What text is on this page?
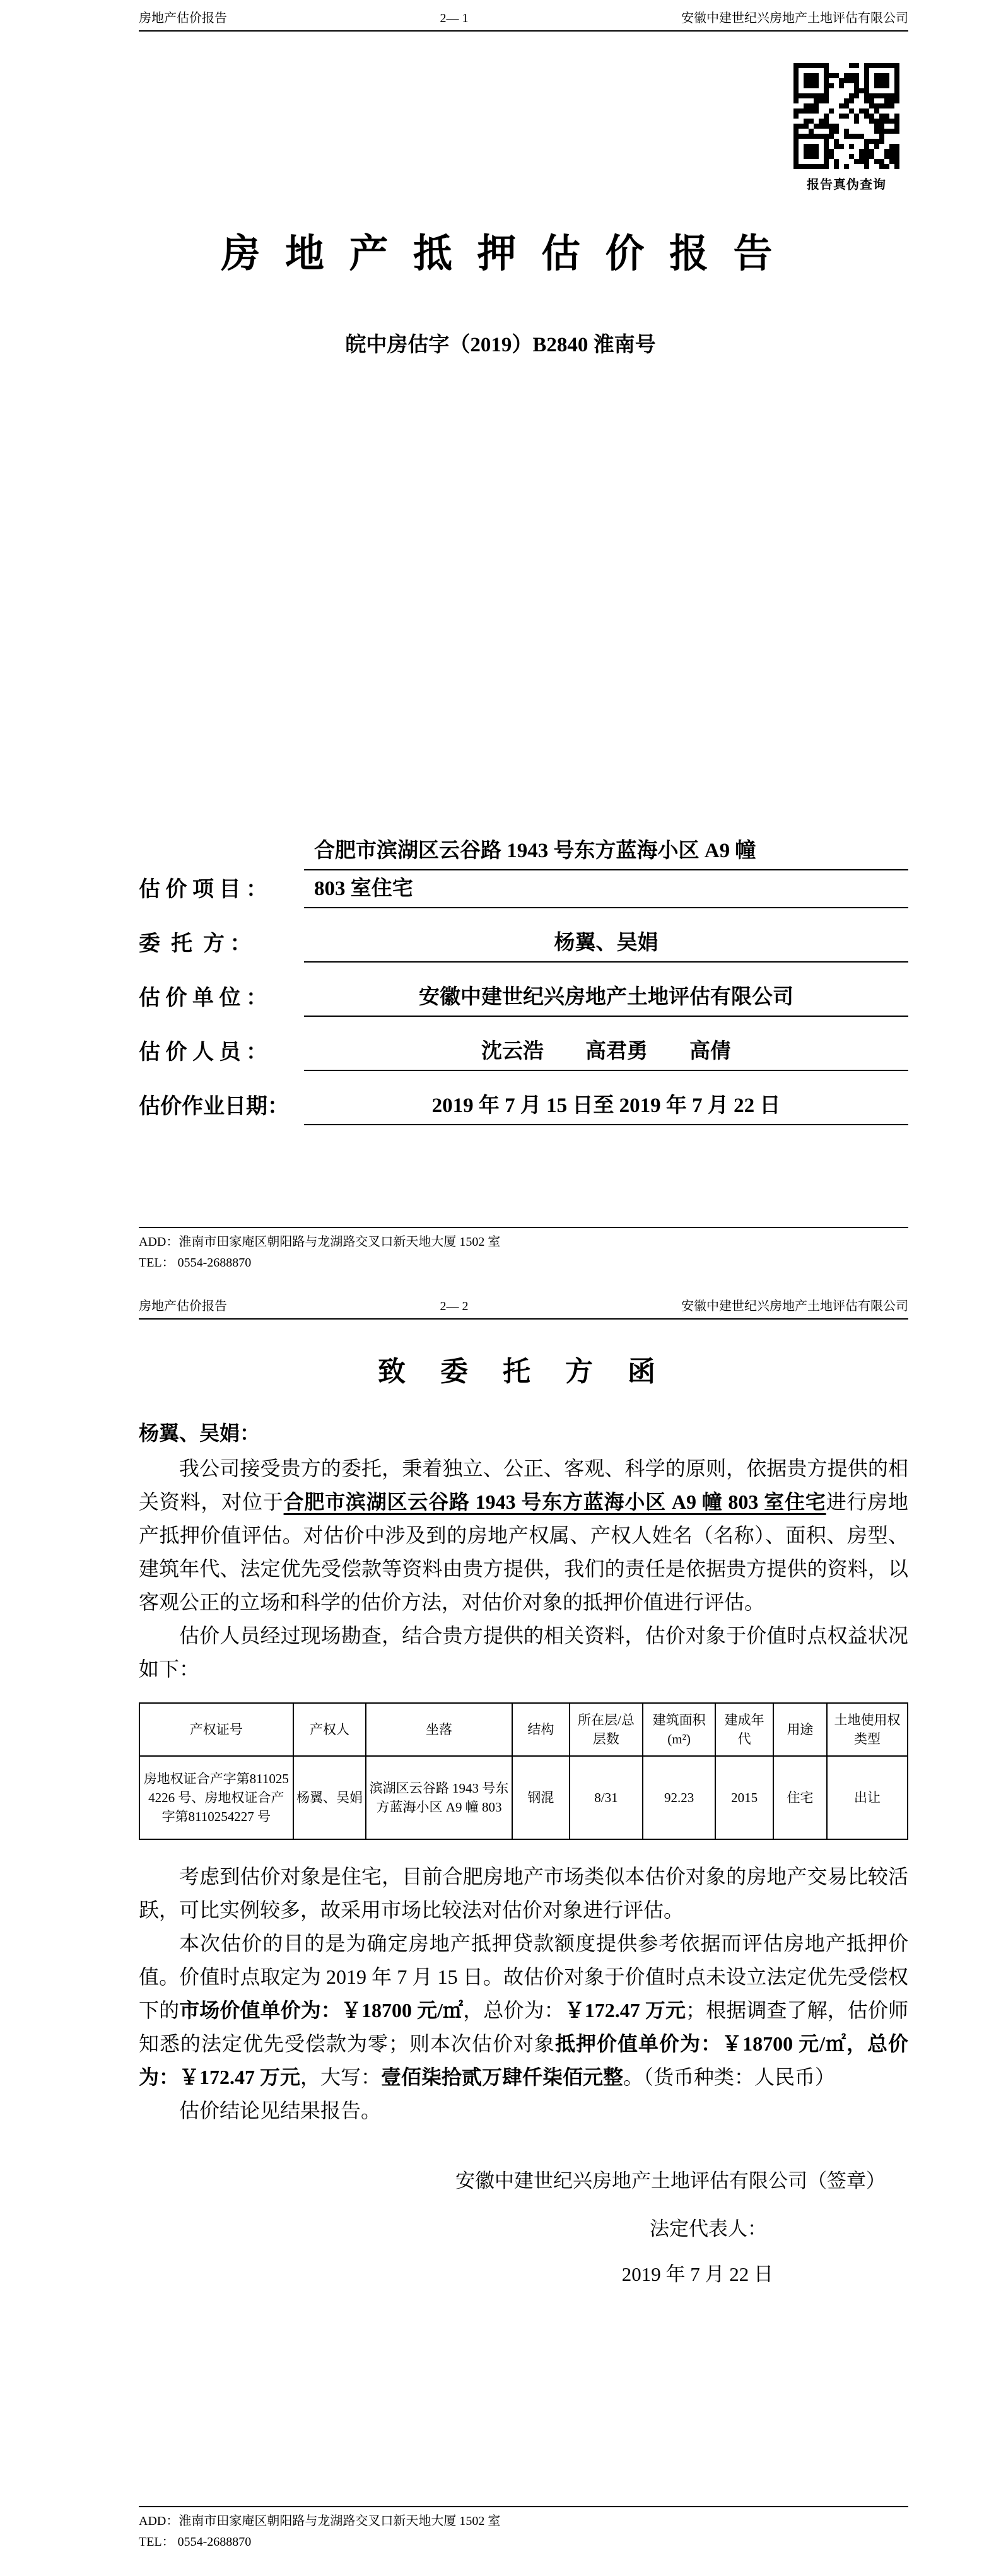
房地产估价报告	2— 1	安徽中建世纪兴房地产土地评估有限公司
报告真伪查询
房 地 产 抵 押 估 价 报 告
皖中房估字（2019）B2840 淮南号
估 价 项 目 ：
合肥市滨湖区云谷路 1943 号东方蓝海小区 A9 幢
803 室住宅
委  托  方 ：	杨翼、吴娟
估 价 单 位 ：	安徽中建世纪兴房地产土地评估有限公司
估 价 人 员 ：	沈云浩　　高君勇　　高倩
估价作业日期：	2019 年 7 月 15 日至 2019 年 7 月 22 日
ADD：淮南市田家庵区朝阳路与龙湖路交叉口新天地大厦 1502 室
TEL： 0554-2688870
房地产估价报告	2— 2	安徽中建世纪兴房地产土地评估有限公司
致 委 托 方 函

杨翼、吴娟：

我公司接受贵方的委托，秉着独立、公正、客观、科学的原则，依据贵方提供的相关资料，对位于合肥市滨湖区云谷路 1943 号东方蓝海小区 A9 幢 803 室住宅进行房地产抵押价值评估。对估价中涉及到的房地产权属、产权人姓名（名称）、面积、房型、建筑年代、法定优先受偿款等资料由贵方提供，我们的责任是依据贵方提供的资料，以客观公正的立场和科学的估价方法，对估价对象的抵押价值进行评估。

估价人员经过现场勘查，结合贵方提供的相关资料，估价对象于价值时点权益状况如下：

产权证号	产权人	坐落	结构	所在层/总层数	建筑面积(m²)	建成年代	用途	土地使用权类型
房地权证合产字第8110254226 号、房地权证合产字第8110254227 号	杨翼、吴娟	滨湖区云谷路 1943 号东方蓝海小区 A9 幢 803	钢混	8/31	92.23	2015	住宅	出让

考虑到估价对象是住宅，目前合肥房地产市场类似本估价对象的房地产交易比较活跃，可比实例较多，故采用市场比较法对估价对象进行评估。

本次估价的目的是为确定房地产抵押贷款额度提供参考依据而评估房地产抵押价值。价值时点取定为 2019 年 7 月 15 日。故估价对象于价值时点未设立法定优先受偿权下的市场价值单价为：￥18700 元/㎡，总价为：￥172.47 万元；根据调查了解，估价师知悉的法定优先受偿款为零；则本次估价对象抵押价值单价为：￥18700 元/㎡，总价为：￥172.47 万元，大写：壹佰柒拾贰万肆仟柒佰元整。（货币种类：人民币）

估价结论见结果报告。

安徽中建世纪兴房地产土地评估有限公司（签章）
法定代表人：
2019 年 7 月 22 日
ADD：淮南市田家庵区朝阳路与龙湖路交叉口新天地大厦 1502 室
TEL： 0554-2688870
